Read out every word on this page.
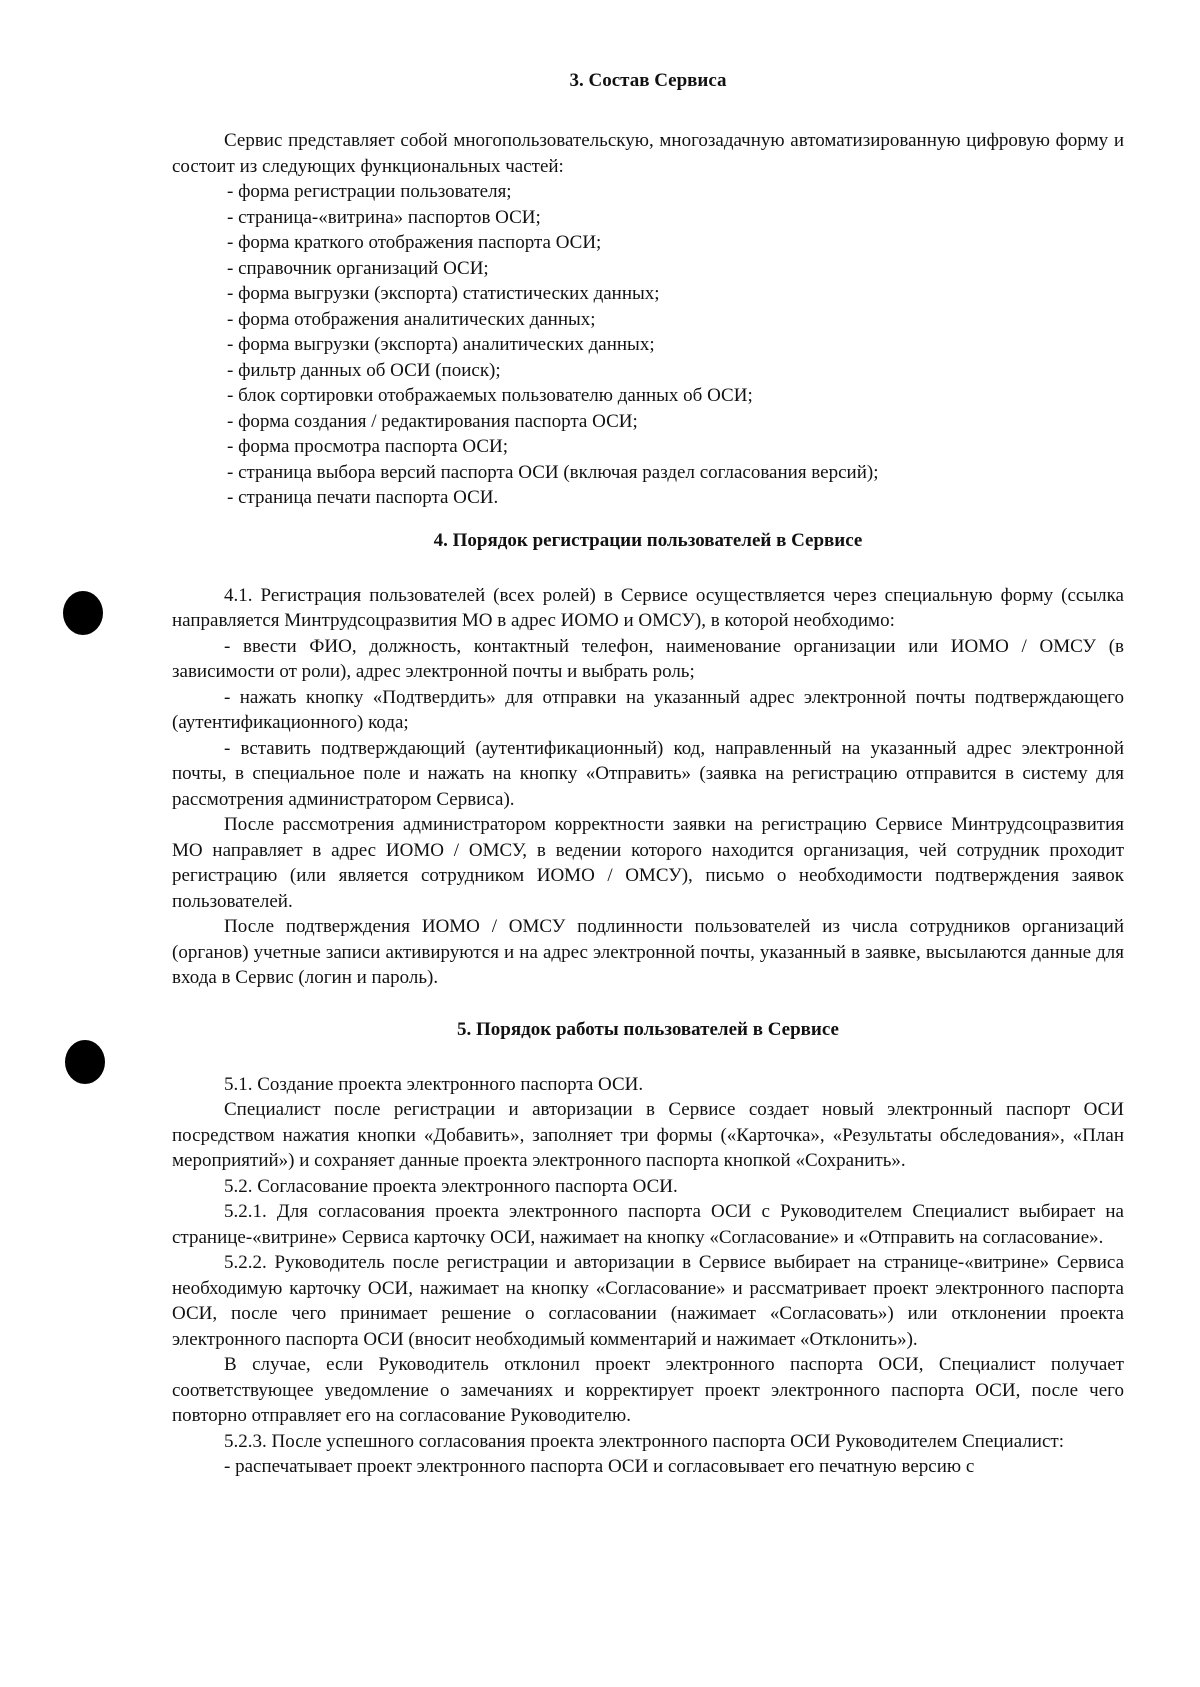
3. Состав Сервиса

Сервис представляет собой многопользовательскую, многозадачную автоматизированную цифровую форму и состоит из следующих функциональных частей:

- форма регистрации пользователя;
- страница-«витрина» паспортов ОСИ;
- форма краткого отображения паспорта ОСИ;
- справочник организаций ОСИ;
- форма выгрузки (экспорта) статистических данных;
- форма отображения аналитических данных;
- форма выгрузки (экспорта) аналитических данных;
- фильтр данных об ОСИ (поиск);
- блок сортировки отображаемых пользователю данных об ОСИ;
- форма создания / редактирования паспорта ОСИ;
- форма просмотра паспорта ОСИ;
- страница выбора версий паспорта ОСИ (включая раздел согласования версий);
- страница печати паспорта ОСИ.
4. Порядок регистрации пользователей в Сервисе

4.1. Регистрация пользователей (всех ролей) в Сервисе осуществляется через специальную форму (ссылка направляется Минтрудсоцразвития МО в адрес ИОМО и ОМСУ), в которой необходимо:

- ввести ФИО, должность, контактный телефон, наименование организации или ИОМО / ОМСУ (в зависимости от роли), адрес электронной почты и выбрать роль;

- нажать кнопку «Подтвердить» для отправки на указанный адрес электронной почты подтверждающего (аутентификационного) кода;

- вставить подтверждающий (аутентификационный) код, направленный на указанный адрес электронной почты, в специальное поле и нажать на кнопку «Отправить» (заявка на регистрацию отправится в систему для рассмотрения администратором Сервиса).

После рассмотрения администратором корректности заявки на регистрацию Сервисе Минтрудсоцразвития МО направляет в адрес ИОМО / ОМСУ, в ведении которого находится организация, чей сотрудник проходит регистрацию (или является сотрудником ИОМО / ОМСУ), письмо о необходимости подтверждения заявок пользователей.

После подтверждения ИОМО / ОМСУ подлинности пользователей из числа сотрудников организаций (органов) учетные записи активируются и на адрес электронной почты, указанный в заявке, высылаются данные для входа в Сервис (логин и пароль).

5. Порядок работы пользователей в Сервисе

5.1. Создание проекта электронного паспорта ОСИ.

Специалист после регистрации и авторизации в Сервисе создает новый электронный паспорт ОСИ посредством нажатия кнопки «Добавить», заполняет три формы («Карточка», «Результаты обследования», «План мероприятий») и сохраняет данные проекта электронного паспорта кнопкой «Сохранить».

5.2. Согласование проекта электронного паспорта ОСИ.

5.2.1. Для согласования проекта электронного паспорта ОСИ с Руководителем Специалист выбирает на странице-«витрине» Сервиса карточку ОСИ, нажимает на кнопку «Согласование» и «Отправить на согласование».

5.2.2. Руководитель после регистрации и авторизации в Сервисе выбирает на странице-«витрине» Сервиса необходимую карточку ОСИ, нажимает на кнопку «Согласование» и рассматривает проект электронного паспорта ОСИ, после чего принимает решение о согласовании (нажимает «Согласовать») или отклонении проекта электронного паспорта ОСИ (вносит необходимый комментарий и нажимает «Отклонить»).

В случае, если Руководитель отклонил проект электронного паспорта ОСИ, Специалист получает соответствующее уведомление о замечаниях и корректирует проект электронного паспорта ОСИ, после чего повторно отправляет его на согласование Руководителю.

5.2.3. После успешного согласования проекта электронного паспорта ОСИ Руководителем Специалист:

- распечатывает проект электронного паспорта ОСИ и согласовывает его печатную версию с
